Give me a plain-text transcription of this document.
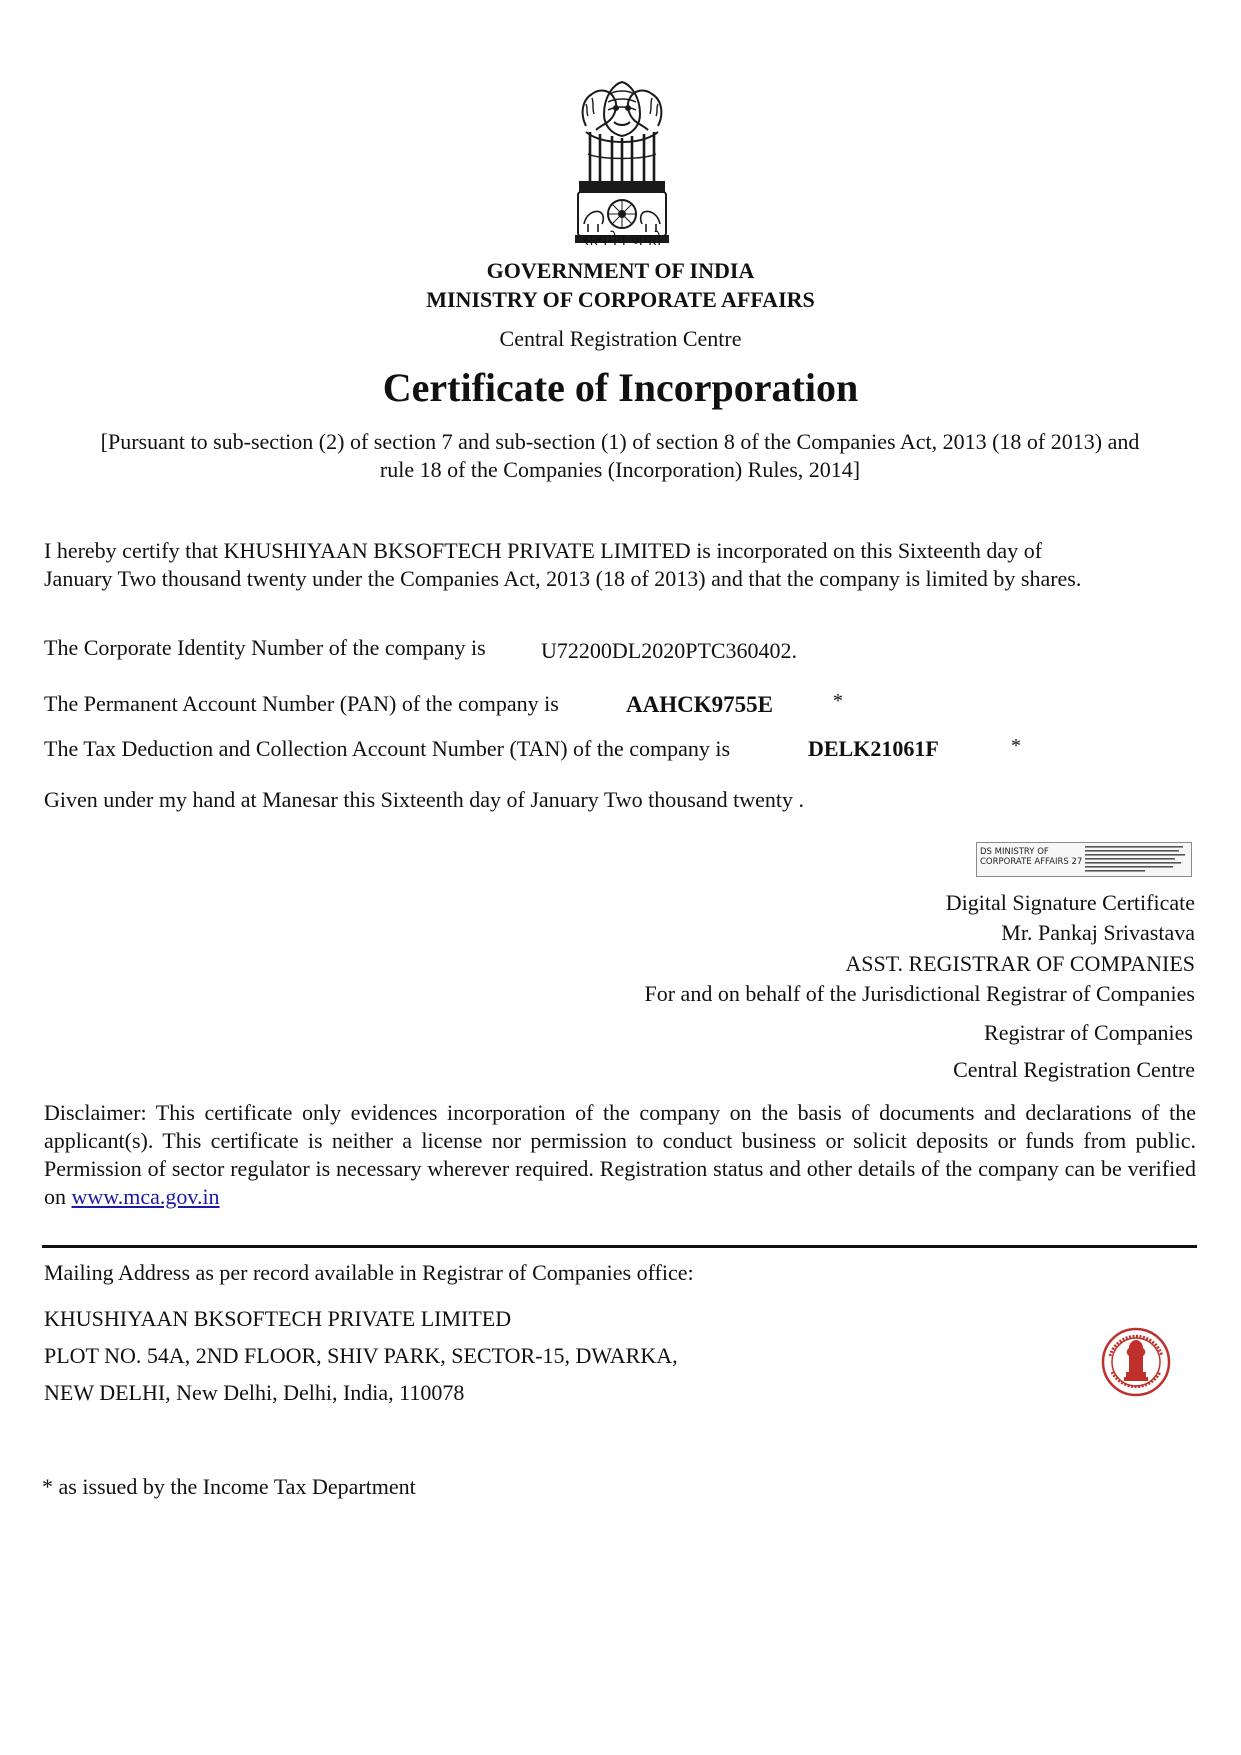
सत्यमेव जयते
GOVERNMENT OF INDIA
MINISTRY OF CORPORATE AFFAIRS
Central Registration Centre
Certificate of Incorporation
[Pursuant to sub-section (2) of section 7 and sub-section (1) of section 8 of the Companies Act, 2013 (18 of 2013) and
rule 18 of the Companies (Incorporation) Rules, 2014]
I hereby certify that KHUSHIYAAN BKSOFTECH PRIVATE LIMITED is incorporated on this Sixteenth day of
January Two thousand twenty under the Companies Act, 2013 (18 of 2013) and that the company is limited by shares.
The Corporate Identity Number of the company is	U72200DL2020PTC360402.
The Permanent Account Number (PAN) of the company is	AAHCK9755E	*
The Tax Deduction and Collection Account Number (TAN) of the company is	DELK21061F	*
Given under my hand at Manesar this Sixteenth day of January Two thousand twenty .
DS MINISTRY OF
CORPORATE AFFAIRS 27
Digital Signature Certificate
Mr. Pankaj Srivastava
ASST. REGISTRAR OF COMPANIES
For and on behalf of the Jurisdictional Registrar of Companies
Registrar of Companies
Central Registration Centre
Disclaimer: This certificate only evidences incorporation of the company on the basis of documents and declarations of the applicant(s). This certificate is neither a license nor permission to conduct business or solicit deposits or funds from public. Permission of sector regulator is necessary wherever required. Registration status and other details of the company can be verified on www.mca.gov.in
Mailing Address as per record available in Registrar of Companies office:
KHUSHIYAAN BKSOFTECH PRIVATE LIMITED
PLOT NO. 54A, 2ND FLOOR, SHIV PARK, SECTOR-15, DWARKA,
NEW DELHI, New Delhi, Delhi, India, 110078
* as issued by the Income Tax Department
